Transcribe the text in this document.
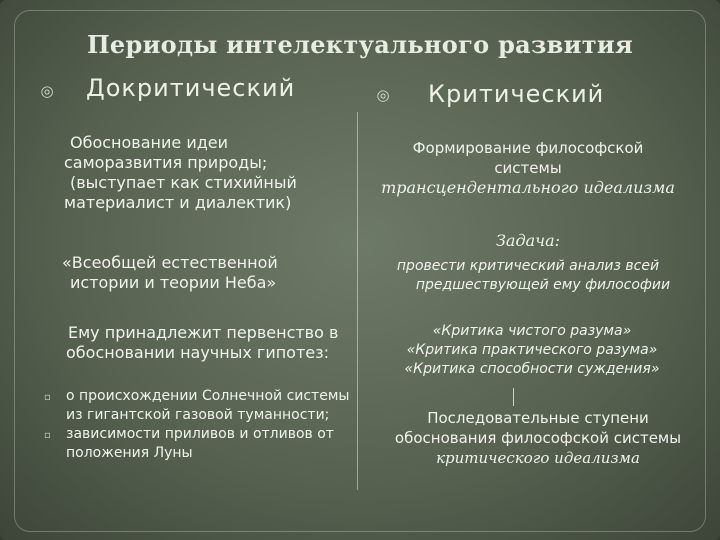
Периоды интелектуального развития
◎ Докритический	◎ Критический
Обоснование идеи
саморазвития природы;
(выступает как стихийный
материалист и диалектик)
«Всеобщей естественной
истории и теории Неба»
Ему принадлежит первенство в
обосновании научных гипотез:
▫ о происхождении Солнечной системы
из гигантской газовой туманности;
▫ зависимости приливов и отливов от
положения Луны
Формирование философской
системы
трансцендентального идеализма
Задача:
провести критический анализ всей
предшествующей ему философии
«Критика чистого разума»
«Критика практического разума»
«Критика способности суждения»
Последовательные ступени
обоснования философской системы
критического идеализма
